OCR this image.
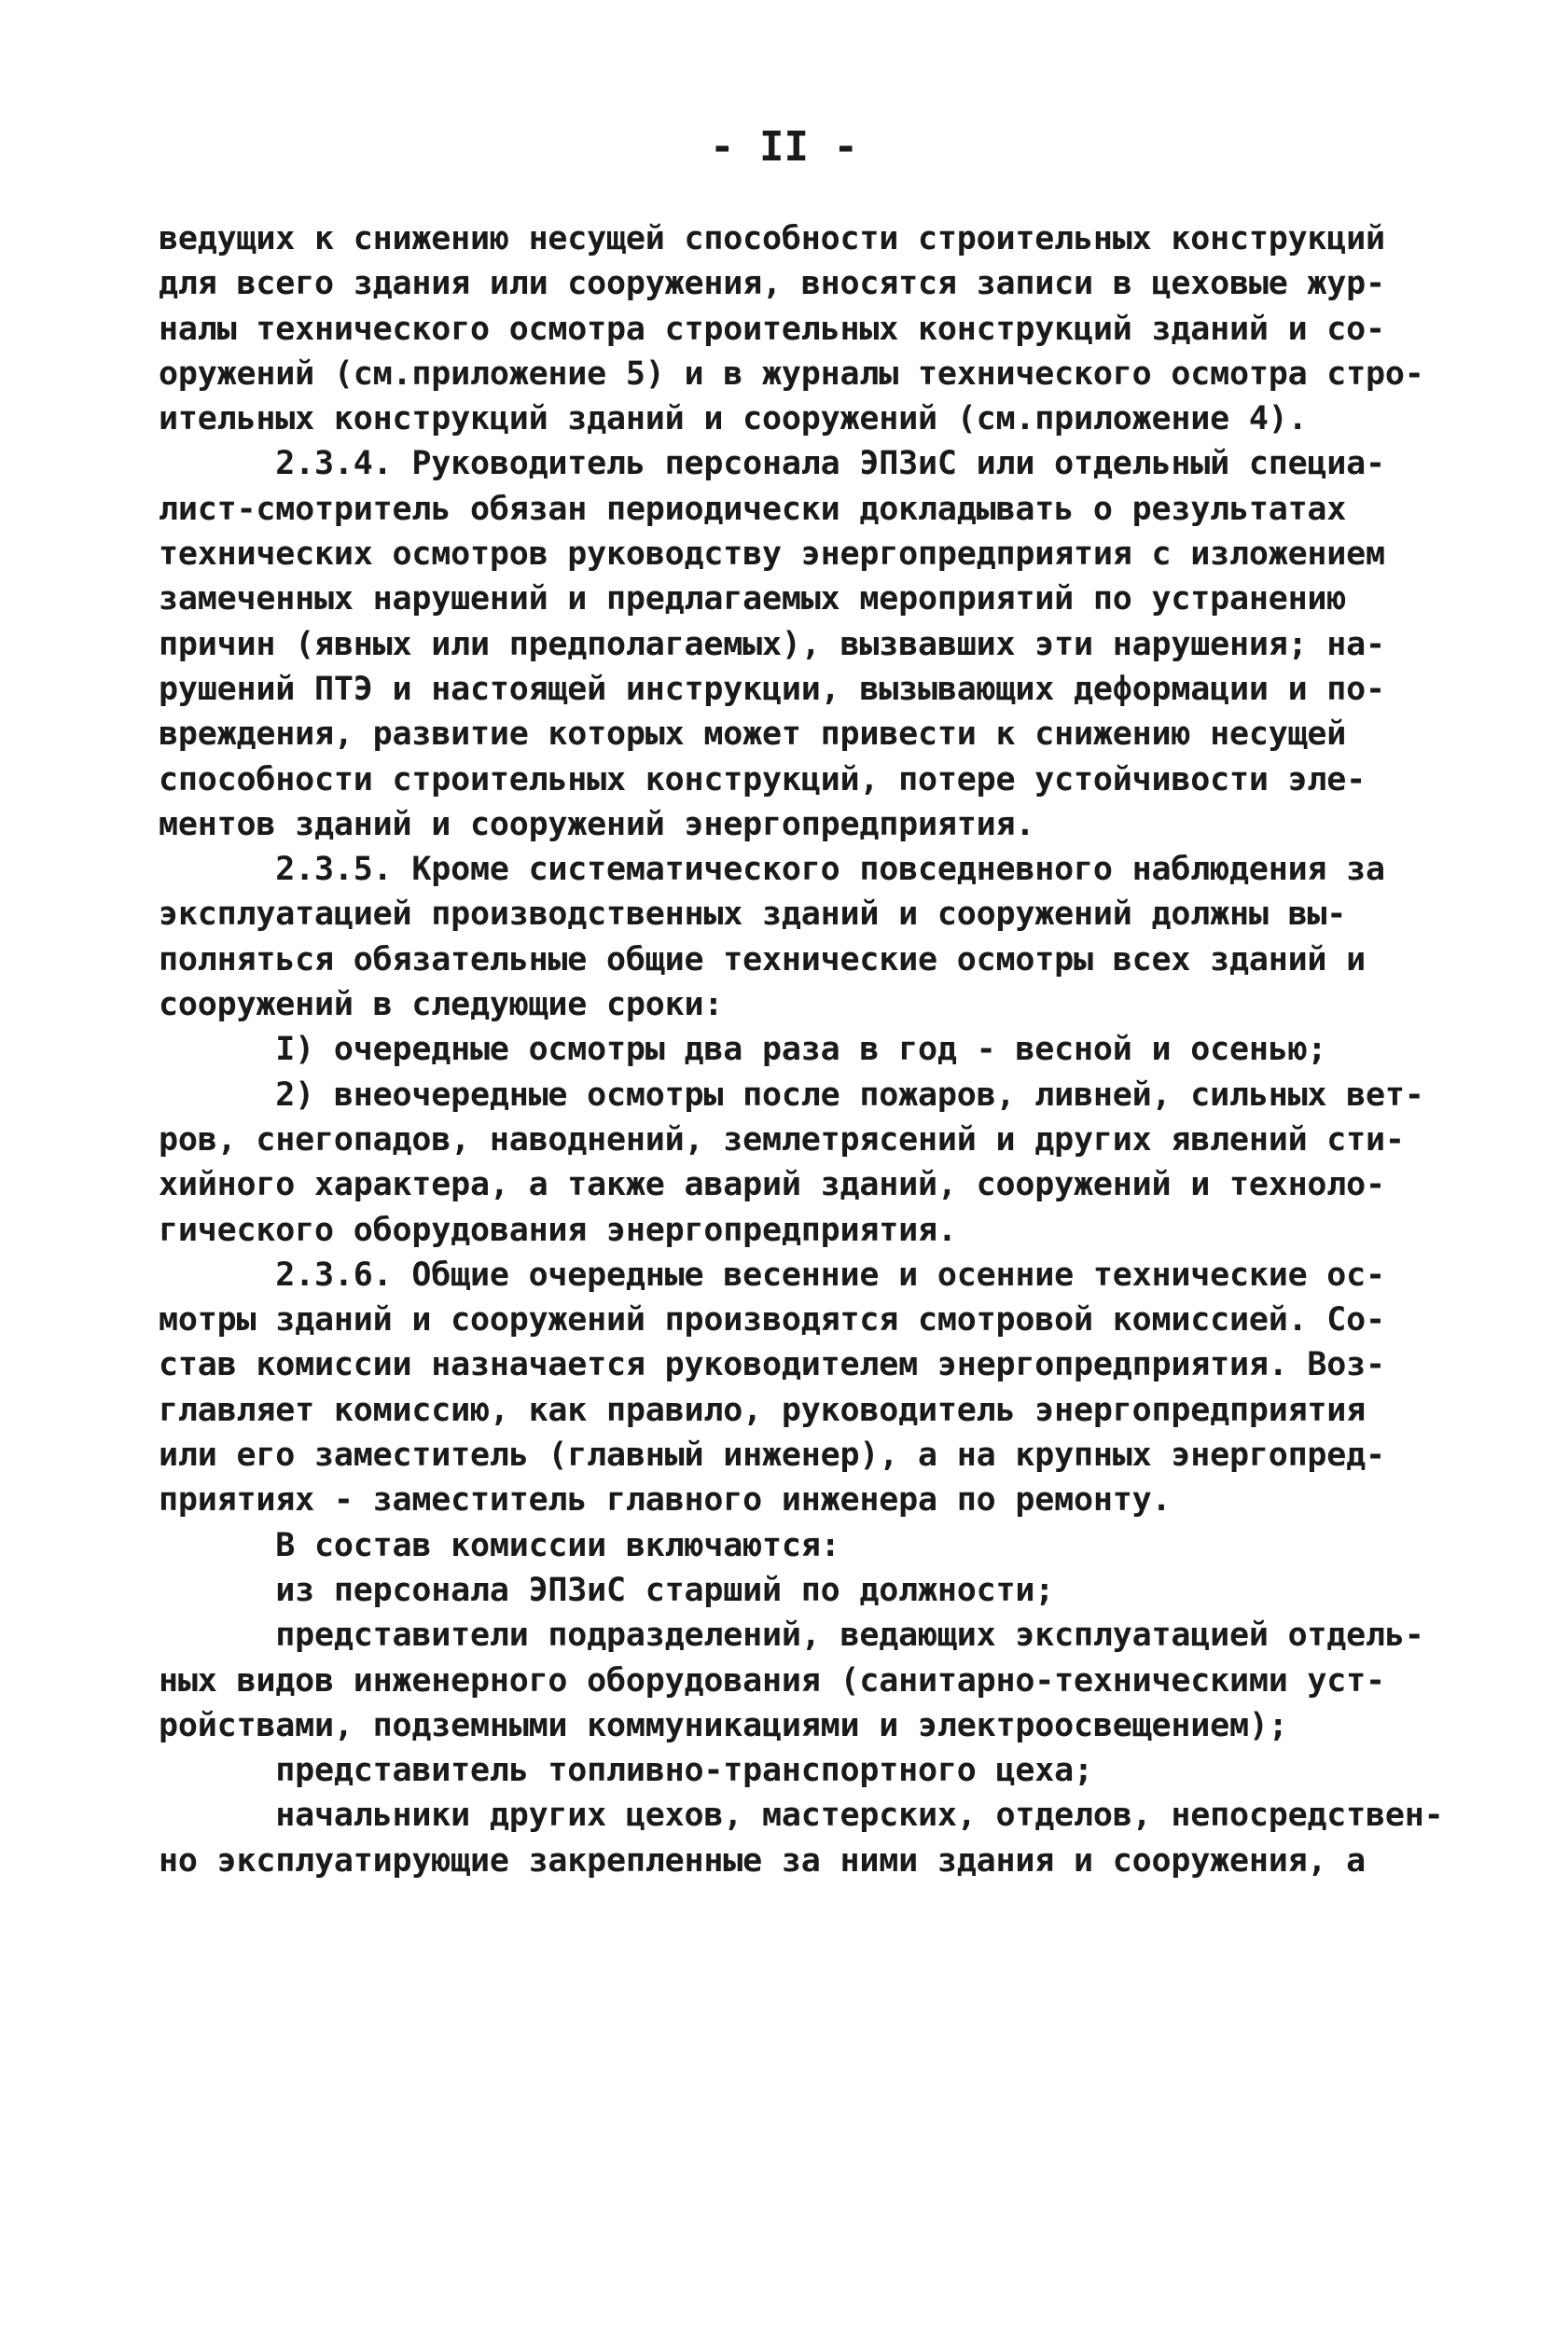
- II -
ведущих к снижению несущей способности строительных конструкций
для всего здания или сооружения, вносятся записи в цеховые жур-
налы технического осмотра строительных конструкций зданий и со-
оружений (см.приложение 5) и в журналы технического осмотра стро-
ительных конструкций зданий и сооружений (см.приложение 4).
2.3.4. Руководитель персонала ЭПЗиС или отдельный специа-
лист-смотритель обязан периодически докладывать о результатах
технических осмотров руководству энергопредприятия с изложением
замеченных нарушений и предлагаемых мероприятий по устранению
причин (явных или предполагаемых), вызвавших эти нарушения; на-
рушений ПТЭ и настоящей инструкции, вызывающих деформации и по-
вреждения, развитие которых может привести к снижению несущей
способности строительных конструкций, потере устойчивости эле-
ментов зданий и сооружений энергопредприятия.
2.3.5. Кроме систематического повседневного наблюдения за
эксплуатацией производственных зданий и сооружений должны вы-
полняться обязательные общие технические осмотры всех зданий и
сооружений в следующие сроки:
I) очередные осмотры два раза в год - весной и осенью;
2) внеочередные осмотры после пожаров, ливней, сильных вет-
ров, снегопадов, наводнений, землетрясений и других явлений сти-
хийного характера, а также аварий зданий, сооружений и техноло-
гического оборудования энергопредприятия.
2.3.6. Общие очередные весенние и осенние технические ос-
мотры зданий и сооружений производятся смотровой комиссией. Со-
став комиссии назначается руководителем энергопредприятия. Воз-
главляет комиссию, как правило, руководитель энергопредприятия
или его заместитель (главный инженер), а на крупных энергопред-
приятиях - заместитель главного инженера по ремонту.
В состав комиссии включаются:
из персонала ЭПЗиС старший по должности;
представители подразделений, ведающих эксплуатацией отдель-
ных видов инженерного оборудования (санитарно-техническими уст-
ройствами, подземными коммуникациями и электроосвещением);
представитель топливно-транспортного цеха;
начальники других цехов, мастерских, отделов, непосредствен-
но эксплуатирующие закрепленные за ними здания и сооружения, а
